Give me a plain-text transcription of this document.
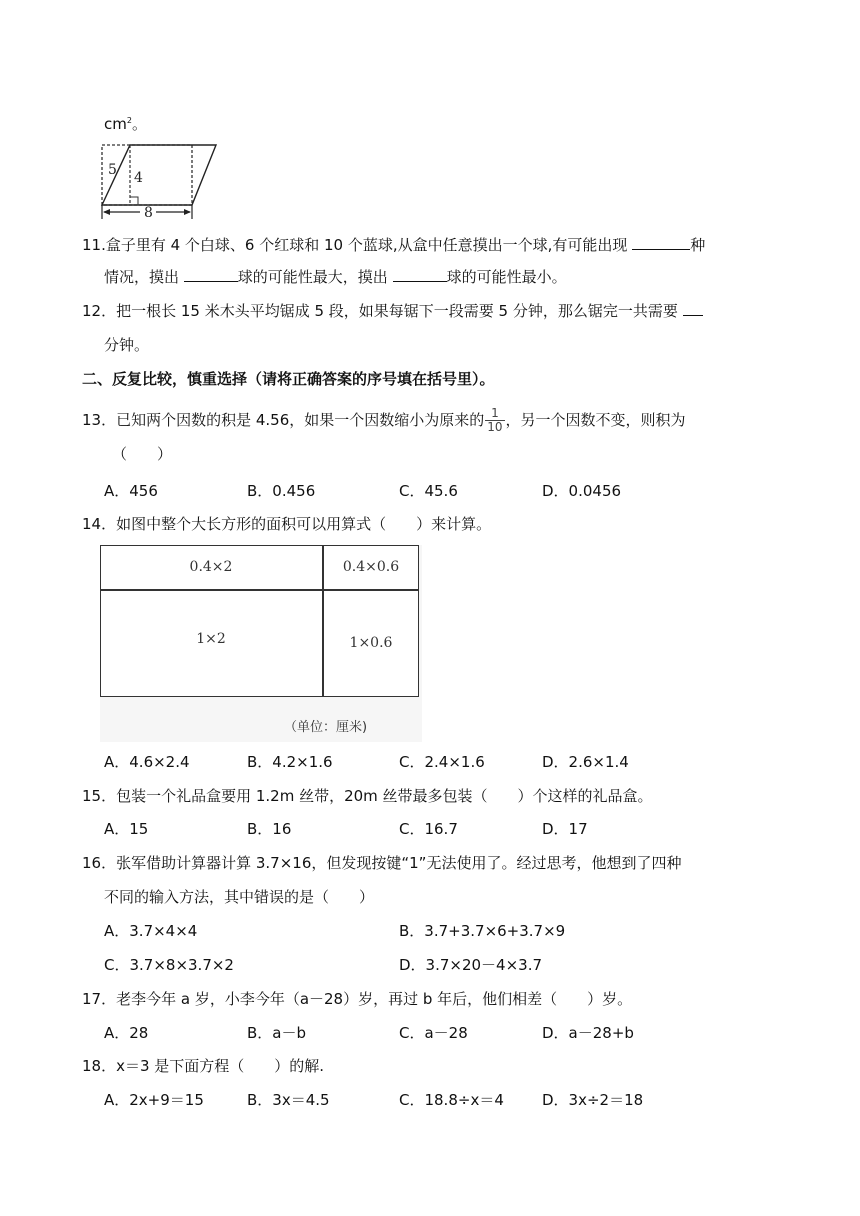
$cm^2$。
5 4
8
11.盒子里有 4 个白球、6 个红球和 10 个蓝球,从盒中任意摸出一个球,有可能出现	种
情况，摸出	球的可能性最大，摸出	球的可能性最小。
12．把一根长 15 米木头平均锯成 5 段，如果每锯下一段需要 5 分钟，那么锯完一共需要
分钟。
二、反复比较，慎重选择（请将正确答案的序号填在括号里）。
13．已知两个因数的积是 4.56，如果一个因数缩小为原来的 $\frac{1}{10}$ ，另一个因数不变，则积为
（　　）
A．456	B．0.456	C．45.6	D．0.0456
14．如图中整个大长方形的面积可以用算式（　　）来计算。
0.4×2	0.4×0.6
1×2	1×0.6
（单位：厘米)
A．4.6×2.4	B．4.2×1.6	C．2.4×1.6	D．2.6×1.4
15．包装一个礼品盒要用 1.2m 丝带，20m 丝带最多包装（　　）个这样的礼品盒。
A．15	B．16	C．16.7	D．17
16．张军借助计算器计算 3.7×16，但发现按键“1”无法使用了。经过思考，他想到了四种
不同的输入方法，其中错误的是（　　）
A．3.7×4×4	B．3.7+3.7×6+3.7×9
C．3.7×8×3.7×2	D．3.7×20－4×3.7
17．老李今年 a 岁，小李今年（a－28）岁，再过 b 年后，他们相差（　　）岁。
A．28	B．a－b	C．a－28	D．a－28+b
18．x＝3 是下面方程（　　）的解.
A．2x+9＝15	B．3x＝4.5	C．18.8÷x＝4	D．3x÷2＝18
